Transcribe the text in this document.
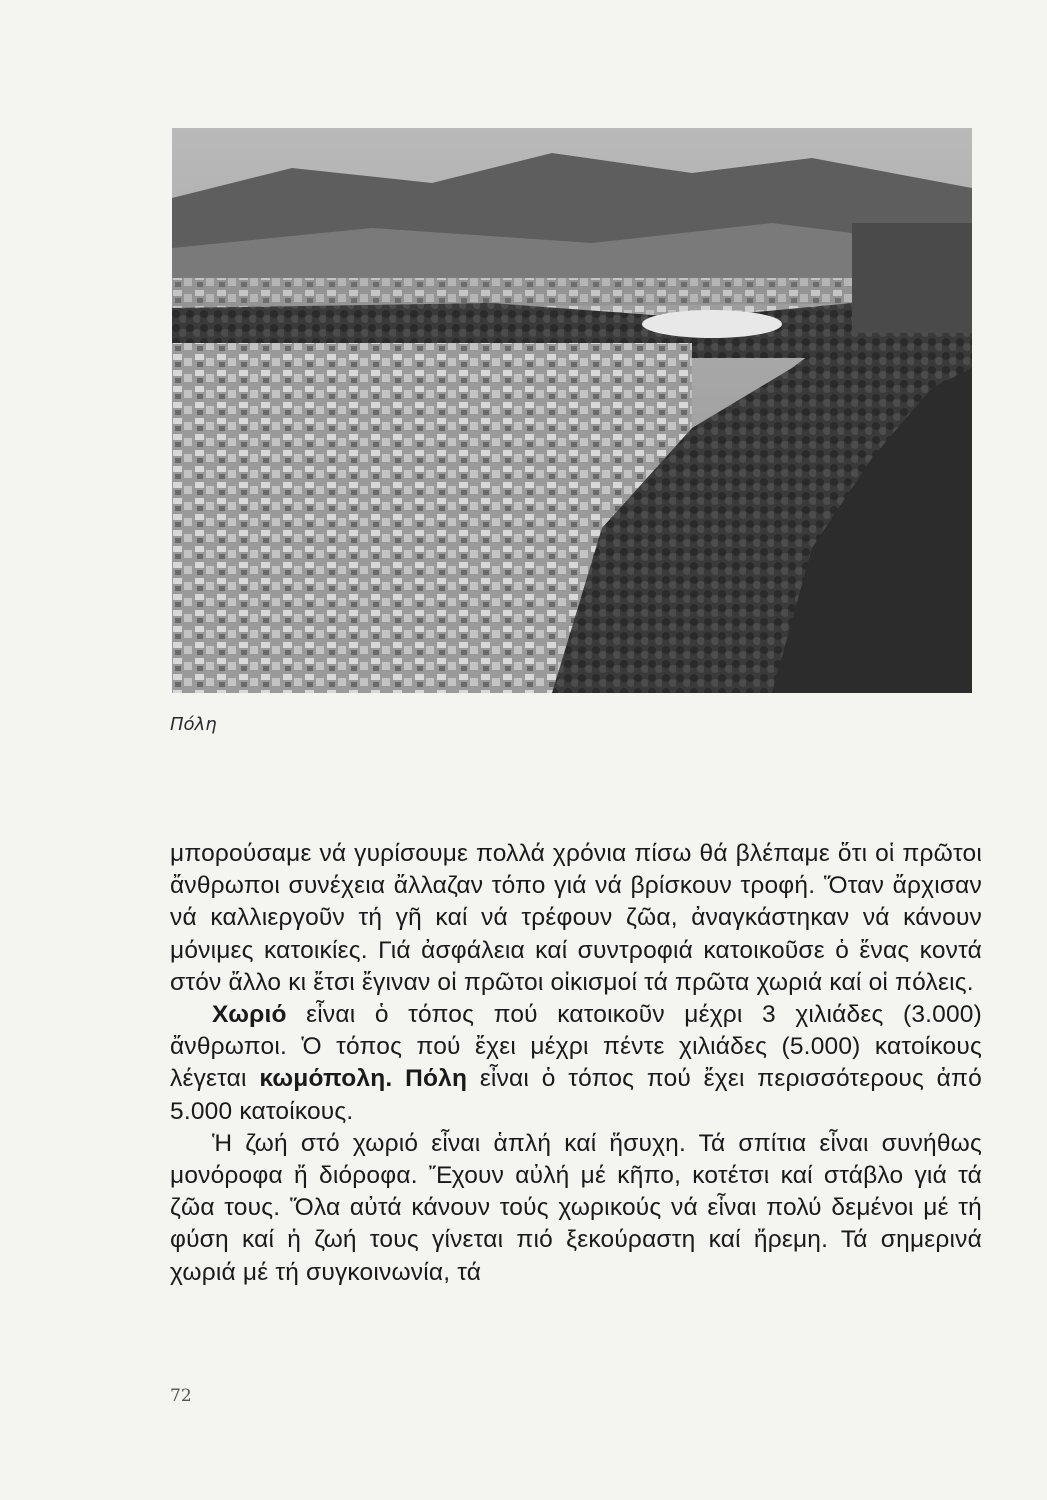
Πόλη

μπορούσαμε νά γυρίσουμε πολλά χρόνια πίσω θά βλέπαμε ὅτι οἱ πρῶτοι ἄνθρωποι συνέχεια ἄλλαζαν τόπο γιά νά βρίσκουν τροφή. Ὅταν ἄρχισαν νά καλλιεργοῦν τή γῆ καί νά τρέφουν ζῶα, ἀναγκάστηκαν νά κάνουν μόνιμες κατοικίες. Γιά ἀσφάλεια καί συντροφιά κατοικοῦσε ὁ ἕνας κοντά στόν ἄλλο κι ἔτσι ἔγιναν οἱ πρῶτοι οἰκισμοί τά πρῶτα χωριά καί οἱ πόλεις.

Χωριό εἶναι ὁ τόπος πού κατοικοῦν μέχρι 3 χιλιάδες (3.000) ἄνθρωποι. Ὁ τόπος πού ἔχει μέχρι πέντε χιλιάδες (5.000) κατοίκους λέγεται κωμόπολη. Πόλη εἶναι ὁ τόπος πού ἔχει περισσότερους ἀπό 5.000 κατοίκους.

Ἡ ζωή στό χωριό εἶναι ἁπλή καί ἥσυχη. Τά σπίτια εἶναι συνήθως μονόροφα ἤ διόροφα. Ἔχουν αὐλή μέ κῆπο, κοτέτσι καί στάβλο γιά τά ζῶα τους. Ὅλα αὐτά κάνουν τούς χωρικούς νά εἶναι πολύ δεμένοι μέ τή φύση καί ἡ ζωή τους γίνεται πιό ξεκούραστη καί ἤρεμη. Τά σημερινά χωριά μέ τή συγκοινωνία, τά

72
